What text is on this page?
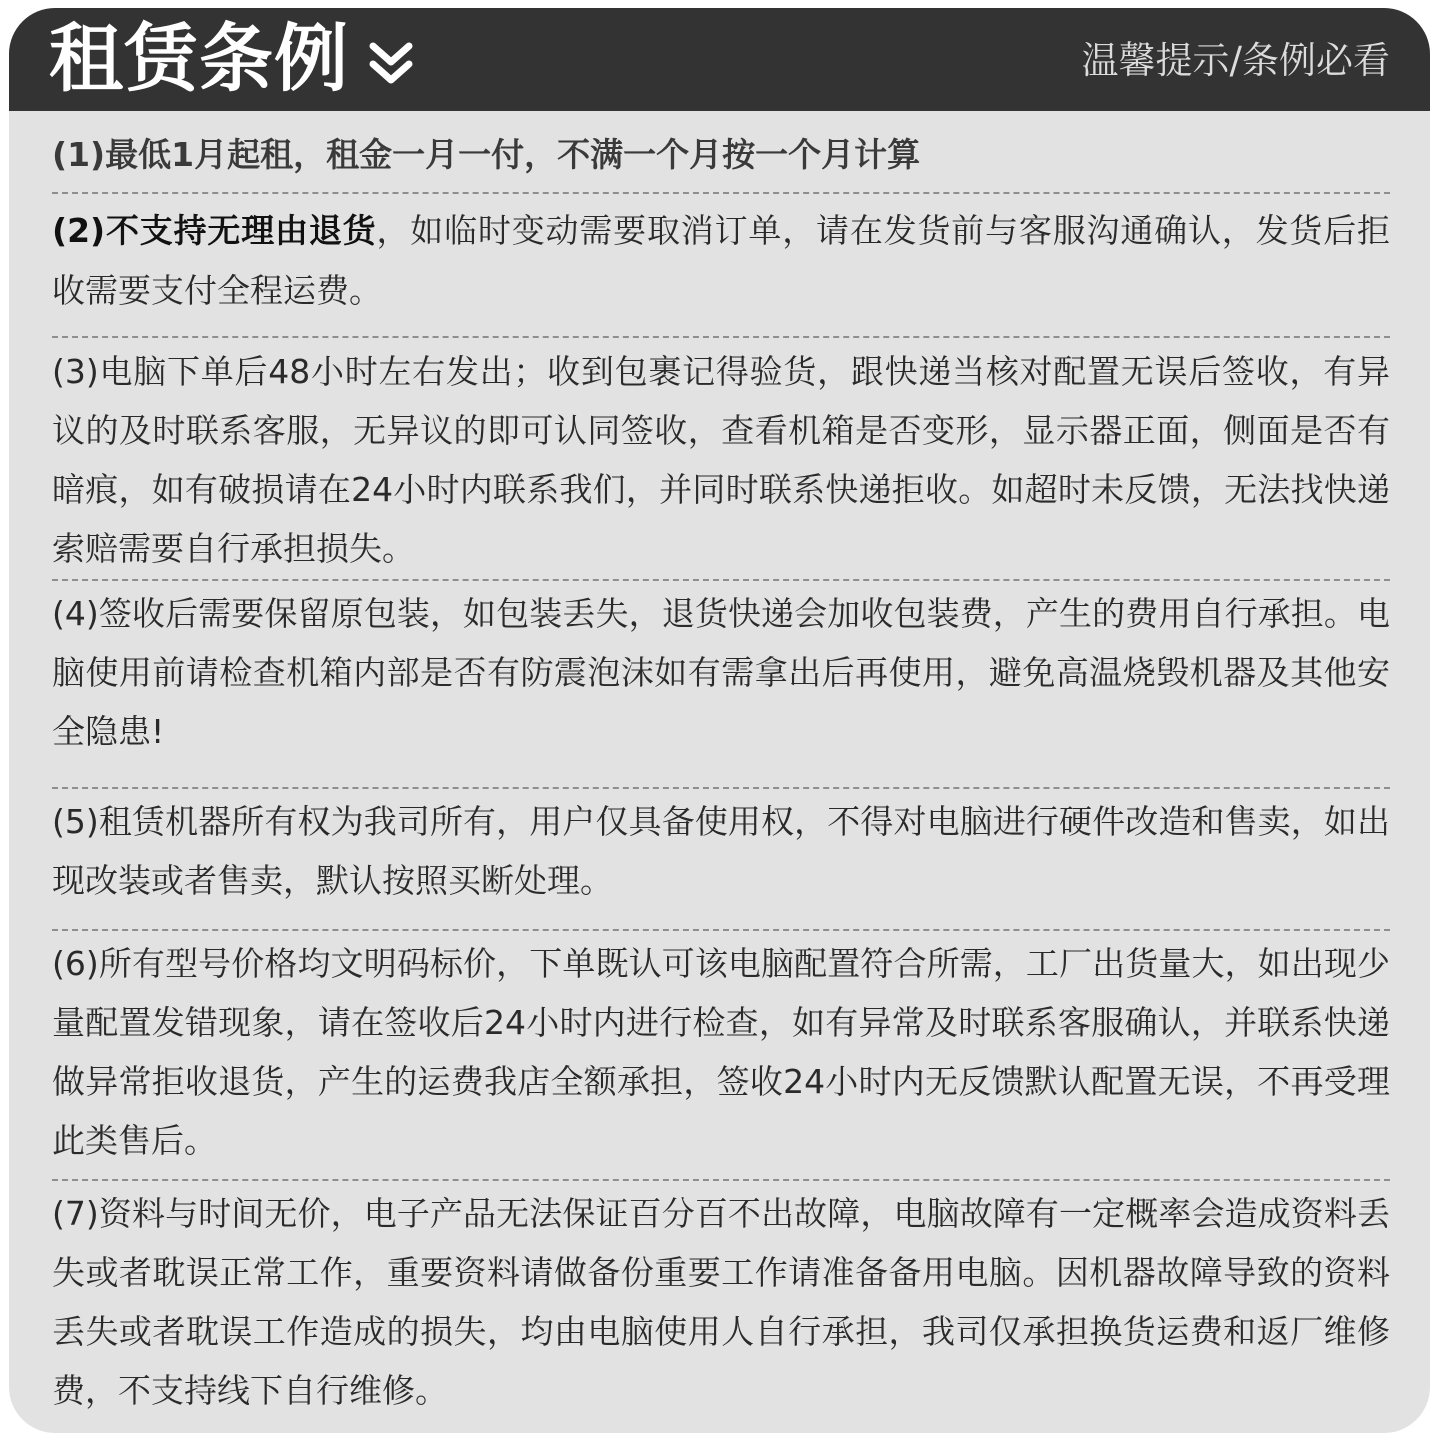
租赁条例	温馨提示/条例必看
(1)最低1月起租，租金一月一付，不满一个月按一个月计算
(2)不支持无理由退货，如临时变动需要取消订单，请在发货前与客服沟通确认，发货后拒收需要支付全程运费。
(3)电脑下单后48小时左右发出；收到包裹记得验货，跟快递当核对配置无误后签收，有异议的及时联系客服，无异议的即可认同签收，查看机箱是否变形，显示器正面，侧面是否有暗痕，如有破损请在24小时内联系我们，并同时联系快递拒收。如超时未反馈，无法找快递索赔需要自行承担损失。
(4)签收后需要保留原包装，如包装丢失，退货快递会加收包装费，产生的费用自行承担。电脑使用前请检查机箱内部是否有防震泡沫如有需拿出后再使用，避免高温烧毁机器及其他安全隐患!
(5)租赁机器所有权为我司所有，用户仅具备使用权，不得对电脑进行硬件改造和售卖，如出现改装或者售卖，默认按照买断处理。
(6)所有型号价格均文明码标价，下单既认可该电脑配置符合所需，工厂出货量大，如出现少量配置发错现象，请在签收后24小时内进行检查，如有异常及时联系客服确认，并联系快递做异常拒收退货，产生的运费我店全额承担，签收24小时内无反馈默认配置无误，不再受理此类售后。
(7)资料与时间无价，电子产品无法保证百分百不出故障，电脑故障有一定概率会造成资料丢失或者耽误正常工作，重要资料请做备份重要工作请准备备用电脑。因机器故障导致的资料丢失或者耽误工作造成的损失，均由电脑使用人自行承担，我司仅承担换货运费和返厂维修费，不支持线下自行维修。
